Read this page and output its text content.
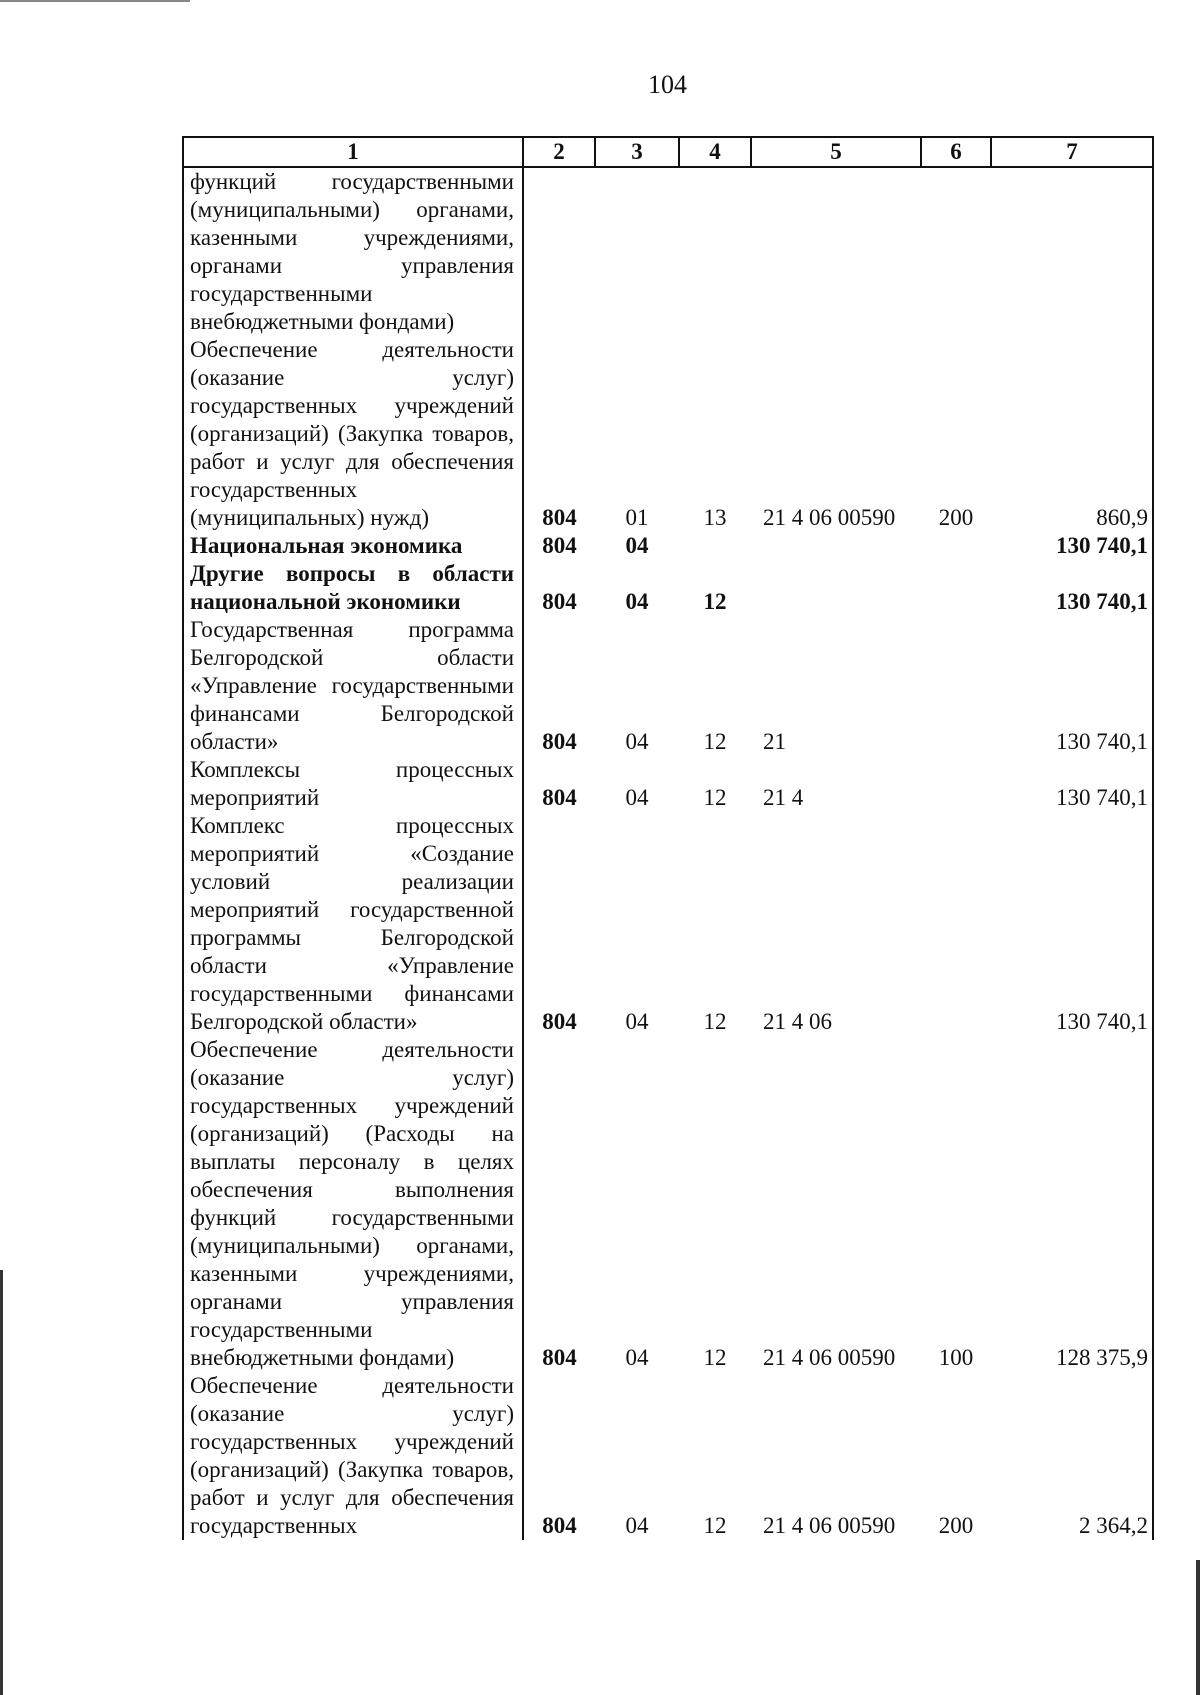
104
1	2	3	4	5	6	7
функций государственными (муниципальными) органами, казенными учреждениями, органами управления государственными внебюджетными фондами)						
Обеспечение деятельности (оказание услуг) государственных учреждений (организаций) (Закупка товаров, работ и услуг для обеспечения государственных (муниципальных) нужд)	804	01	13	21 4 06 00590	200	860,9
Национальная экономика	804	04				130 740,1
Другие вопросы в области национальной экономики	804	04	12			130 740,1
Государственная программа Белгородской области «Управление государственными финансами Белгородской области»	804	04	12	21		130 740,1
Комплексы процессных мероприятий	804	04	12	21 4		130 740,1
Комплекс процессных мероприятий «Создание условий реализации мероприятий государственной программы Белгородской области «Управление государственными финансами Белгородской области»	804	04	12	21 4 06		130 740,1
Обеспечение деятельности (оказание услуг) государственных учреждений (организаций) (Расходы на выплаты персоналу в целях обеспечения выполнения функций государственными (муниципальными) органами, казенными учреждениями, органами управления государственными внебюджетными фондами)	804	04	12	21 4 06 00590	100	128 375,9
Обеспечение деятельности (оказание услуг) государственных учреждений (организаций) (Закупка товаров, работ и услуг для обеспечения государственных	804	04	12	21 4 06 00590	200	2 364,2
